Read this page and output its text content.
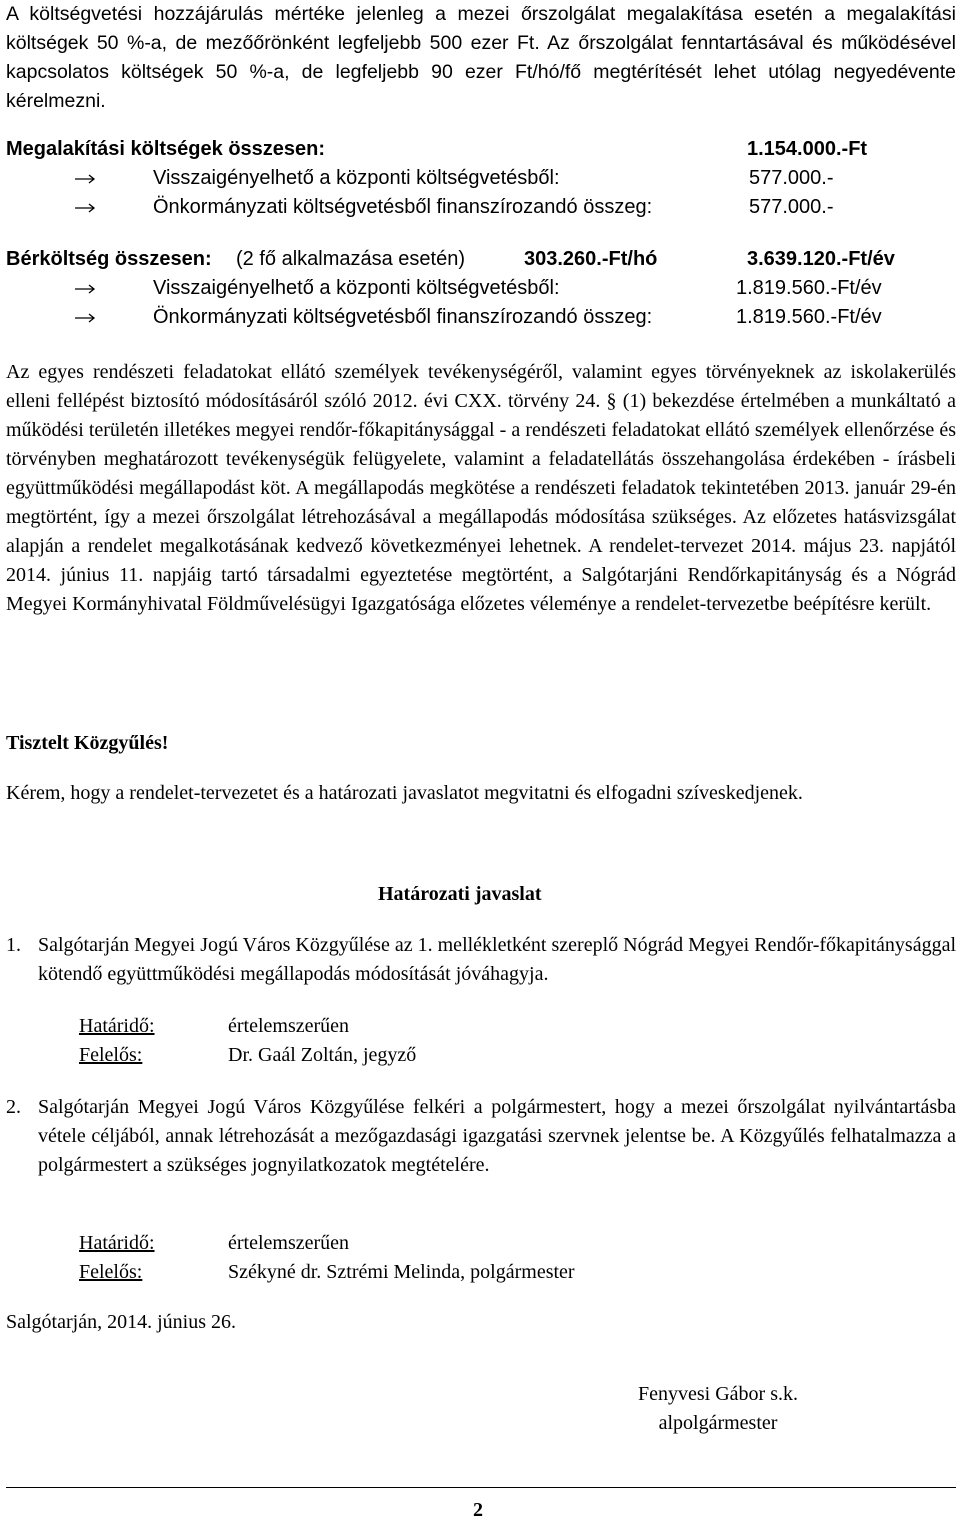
A költségvetési hozzájárulás mértéke jelenleg a mezei őrszolgálat megalakítása esetén a megalakítási költségek 50 %-a, de mezőőrönként legfeljebb 500 ezer Ft. Az őrszolgálat fenntartásával és működésével kapcsolatos költségek 50 %-a, de legfeljebb 90 ezer Ft/hó/fő megtérítését lehet utólag negyedévente kérelmezni.

Megalakítási költségek összesen:	1.154.000.-Ft
Visszaigényelhető a központi költségvetésből:	577.000.-
Önkormányzati költségvetésből finanszírozandó összeg:	577.000.-
Bérköltség összesen: (2 fő alkalmazása esetén)	303.260.-Ft/hó	3.639.120.-Ft/év
Visszaigényelhető a központi költségvetésből:	1.819.560.-Ft/év
Önkormányzati költségvetésből finanszírozandó összeg:	1.819.560.-Ft/év

Az egyes rendészeti feladatokat ellátó személyek tevékenységéről, valamint egyes törvényeknek az iskolakerülés elleni fellépést biztosító módosításáról szóló 2012. évi CXX. törvény 24. § (1) bekezdése értelmében a munkáltató a működési területén illetékes megyei rendőr-főkapitánysággal - a rendészeti feladatokat ellátó személyek ellenőrzése és törvényben meghatározott tevékenységük felügyelete, valamint a feladatellátás összehangolása érdekében - írásbeli együttműködési megállapodást köt. A megállapodás megkötése a rendészeti feladatok tekintetében 2013. január 29-én megtörtént, így a mezei őrszolgálat létrehozásával a megállapodás módosítása szükséges. Az előzetes hatásvizsgálat alapján a rendelet megalkotásának kedvező következményei lehetnek. A rendelet-tervezet 2014. május 23. napjától 2014. június 11. napjáig tartó társadalmi egyeztetése megtörtént, a Salgótarjáni Rendőrkapitányság és a Nógrád Megyei Kormányhivatal Földművelésügyi Igazgatósága előzetes véleménye a rendelet-tervezetbe beépítésre került.

Tisztelt Közgyűlés!

Kérem, hogy a rendelet-tervezetet és a határozati javaslatot megvitatni és elfogadni szíveskedjenek.

Határozati javaslat
1. Salgótarján Megyei Jogú Város Közgyűlése az 1. mellékletként szereplő Nógrád Megyei Rendőr-főkapitánysággal kötendő együttműködési megállapodás módosítását jóváhagyja.

Határidő:	értelemszerűen
Felelős:	Dr. Gaál Zoltán, jegyző
2. Salgótarján Megyei Jogú Város Közgyűlése felkéri a polgármestert, hogy a mezei őrszolgálat nyilvántartásba vétele céljából, annak létrehozását a mezőgazdasági igazgatási szervnek jelentse be. A Közgyűlés felhatalmazza a polgármestert a szükséges jognyilatkozatok megtételére.

Határidő:	értelemszerűen
Felelős:	Székyné dr. Sztrémi Melinda, polgármester
Salgótarján, 2014. június 26.
Fenyvesi Gábor s.k.
alpolgármester
2
